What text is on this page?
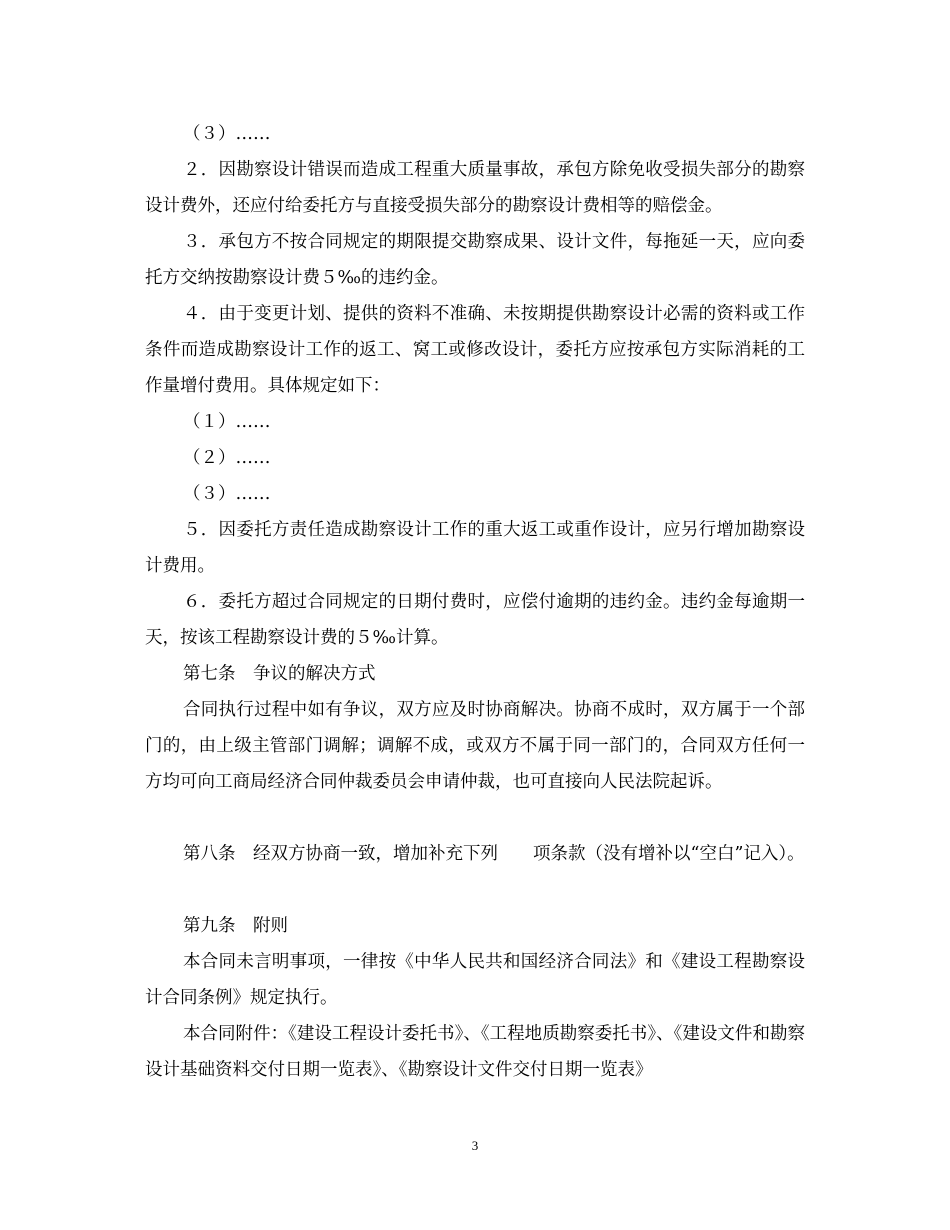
（３）……

２．因勘察设计错误而造成工程重大质量事故，承包方除免收受损失部分的勘察设计费外，还应付给委托方与直接受损失部分的勘察设计费相等的赔偿金。

３．承包方不按合同规定的期限提交勘察成果、设计文件，每拖延一天，应向委托方交纳按勘察设计费５‰的违约金。

４．由于变更计划、提供的资料不准确、未按期提供勘察设计必需的资料或工作条件而造成勘察设计工作的返工、窝工或修改设计，委托方应按承包方实际消耗的工作量增付费用。具体规定如下：

（１）……

（２）……

（３）……

５．因委托方责任造成勘察设计工作的重大返工或重作设计，应另行增加勘察设计费用。

６．委托方超过合同规定的日期付费时，应偿付逾期的违约金。违约金每逾期一天，按该工程勘察设计费的５‰计算。

第七条　争议的解决方式

合同执行过程中如有争议，双方应及时协商解决。协商不成时，双方属于一个部门的，由上级主管部门调解；调解不成，或双方不属于同一部门的，合同双方任何一方均可向工商局经济合同仲裁委员会申请仲裁，也可直接向人民法院起诉。

第八条　经双方协商一致，增加补充下列　　项条款（没有增补以“空白”记入）。

第九条　附则

本合同未言明事项，一律按《中华人民共和国经济合同法》和《建设工程勘察设计合同条例》规定执行。

本合同附件：《建设工程设计委托书》、《工程地质勘察委托书》、《建设文件和勘察设计基础资料交付日期一览表》、《勘察设计文件交付日期一览表》

3
